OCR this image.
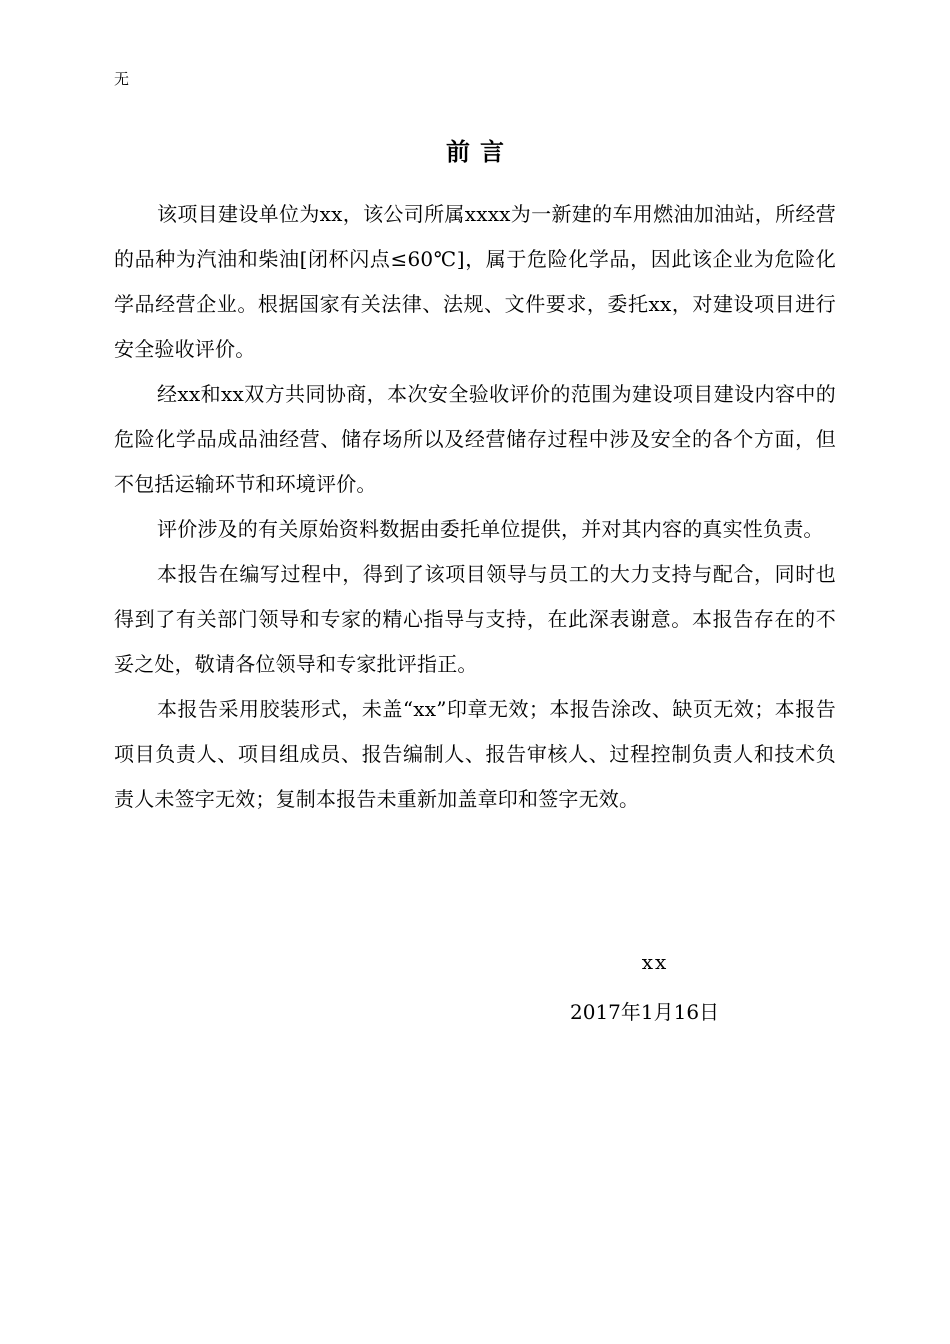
无
前言

该项目建设单位为xx，该公司所属xxxx为一新建的车用燃油加油站，所经营的品种为汽油和柴油[闭杯闪点≤60℃]，属于危险化学品，因此该企业为危险化学品经营企业。根据国家有关法律、法规、文件要求，委托xx，对建设项目进行安全验收评价。

经xx和xx双方共同协商，本次安全验收评价的范围为建设项目建设内容中的危险化学品成品油经营、储存场所以及经营储存过程中涉及安全的各个方面，但不包括运输环节和环境评价。

评价涉及的有关原始资料数据由委托单位提供，并对其内容的真实性负责。

本报告在编写过程中，得到了该项目领导与员工的大力支持与配合，同时也得到了有关部门领导和专家的精心指导与支持，在此深表谢意。本报告存在的不妥之处，敬请各位领导和专家批评指正。

本报告采用胶装形式，未盖“xx”印章无效；本报告涂改、缺页无效；本报告项目负责人、项目组成员、报告编制人、报告审核人、过程控制负责人和技术负责人未签字无效；复制本报告未重新加盖章印和签字无效。

xx
2017年1月16日
